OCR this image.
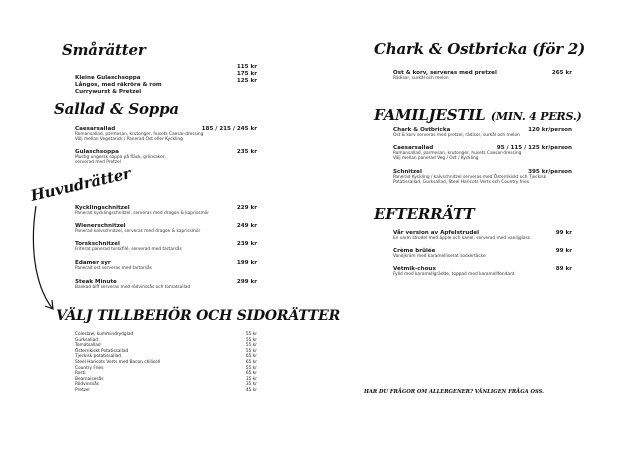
Smårätter
Kleine Gulaschsoppa
115 kr
Långos, med räkröra & rom
175 kr
Currywurst & Pretzel
125 kr
Sallad & Soppa
Caesarsallad
Romansallad, parmesan, krutonger, husets Caesar-dressing
Välj mellan Vegetarisk / Panerad Ost eller Kyckling
185 / 215 / 245 kr
Gulaschsoppa
Mustig ungersk soppa på fläsk, grönsaker,
serverad med Pretzel
235 kr
Huvudrätter
Kycklingschnitzel
Panerad kycklingschnitzel, serveras med dragon & kaprissmör
229 kr
Wienerschnitzel
Panerad kalvschnitzel, serveras med dragon & kaprissmör
249 kr
Torskschnitzel
Friterat panerad torskfilé, serverad med tartarsås
239 kr
Edamer syr
Panerad ost serveras med tartarsås
199 kr
Steak Minute
Bankad biff serveras med rödvinssås och tomatsallad
299 kr
VÄLJ TILLBEHÖR OCH SIDORÄTTER
Coleslaw, kummindrydglad	55 kr
Gurksallad	55 kr
Tomatsallad	55 kr
Österrikiskt Potatissallad	55 kr
Tjeckisk potatissallad	65 kr
Steel Haricots Verts med Bacon chilisoll	65 kr
Country Fries	55 kr
Rosti	65 kr
Bearnaisesås	35 kr
Rödvinssås	35 kr
Pretzel	45 kr
Chark & Ostbricka (för 2)
Ost & korv, serveras med pretzel
Rädisor, surkål och melon
265 kr
FAMILJESTIL (MIN. 4 PERS.)
Chark & Ostbricka
Ost & korv serveras med pretzel, rädisor, surkål och melon
120 kr/person
Caesarsallad
Romansallad, parmesan, krutonger, husets Caesar-dressing
Välj mellan panerad Veg / Ost / Kyckling
95 / 115 / 125 kr/person
Schnitzel
Panerad Kyckling / kalvschnitzel serveras med Österrikiskt och Tjeckisk
Potatissallad, Gurksallad, Steel Haricots Verts och Country fries
395 kr/person
EFTERRÄTT
Vår version av Apfelstrudel
En varm strudel med äpple och kanel, serverad med vaniljglass
99 kr
Crème brûlée
Vaniljkräm med karamelliserat sockertäcke
99 kr
Vétmik-choux
Fylld med karamellgrädde, toppad med karamellfondant
89 kr
HAR DU FRÅGOR OM ALLERGENER? VÄNLIGEN FRÅGA OSS.
